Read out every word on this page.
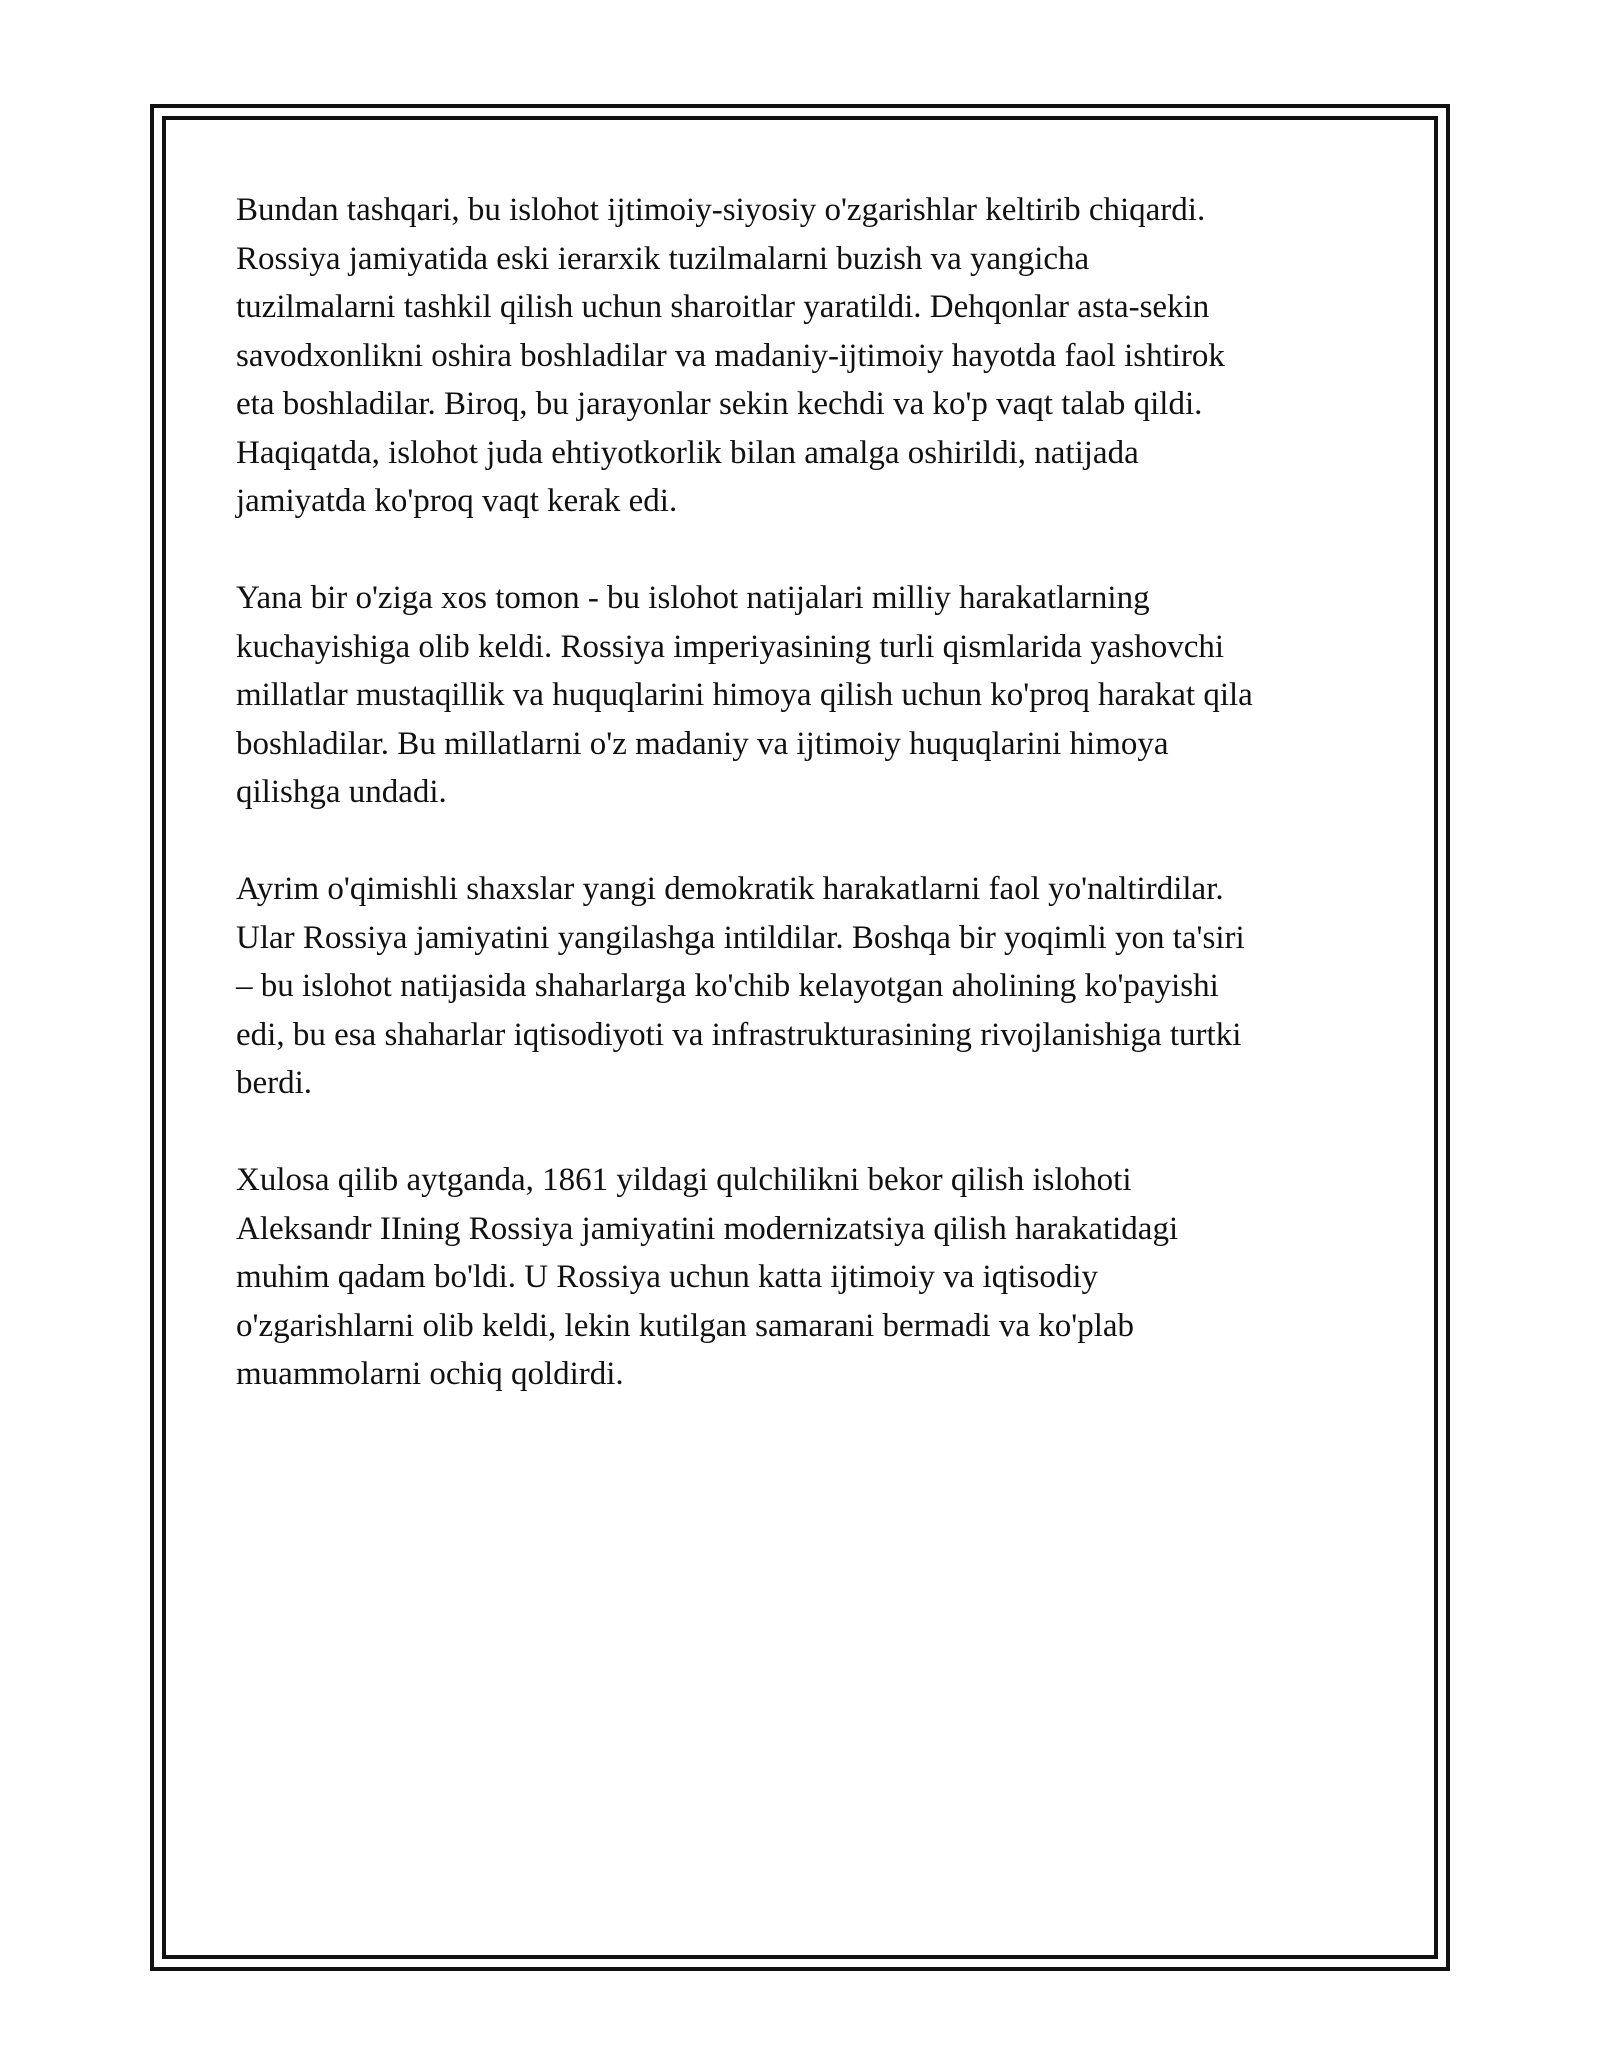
Bundan tashqari, bu islohot ijtimoiy-siyosiy o'zgarishlar keltirib chiqardi.
Rossiya jamiyatida eski ierarxik tuzilmalarni buzish va yangicha
tuzilmalarni tashkil qilish uchun sharoitlar yaratildi. Dehqonlar asta-sekin
savodxonlikni oshira boshladilar va madaniy-ijtimoiy hayotda faol ishtirok
eta boshladilar. Biroq, bu jarayonlar sekin kechdi va ko'p vaqt talab qildi.
Haqiqatda, islohot juda ehtiyotkorlik bilan amalga oshirildi, natijada
jamiyatda ko'proq vaqt kerak edi.

Yana bir o'ziga xos tomon - bu islohot natijalari milliy harakatlarning
kuchayishiga olib keldi. Rossiya imperiyasining turli qismlarida yashovchi
millatlar mustaqillik va huquqlarini himoya qilish uchun ko'proq harakat qila
boshladilar. Bu millatlarni o'z madaniy va ijtimoiy huquqlarini himoya
qilishga undadi.

Ayrim o'qimishli shaxslar yangi demokratik harakatlarni faol yo'naltirdilar.
Ular Rossiya jamiyatini yangilashga intildilar. Boshqa bir yoqimli yon ta'siri
– bu islohot natijasida shaharlarga ko'chib kelayotgan aholining ko'payishi
edi, bu esa shaharlar iqtisodiyoti va infrastrukturasining rivojlanishiga turtki
berdi.

Xulosa qilib aytganda, 1861 yildagi qulchilikni bekor qilish islohoti
Aleksandr IIning Rossiya jamiyatini modernizatsiya qilish harakatidagi
muhim qadam bo'ldi. U Rossiya uchun katta ijtimoiy va iqtisodiy
o'zgarishlarni olib keldi, lekin kutilgan samarani bermadi va ko'plab
muammolarni ochiq qoldirdi.
